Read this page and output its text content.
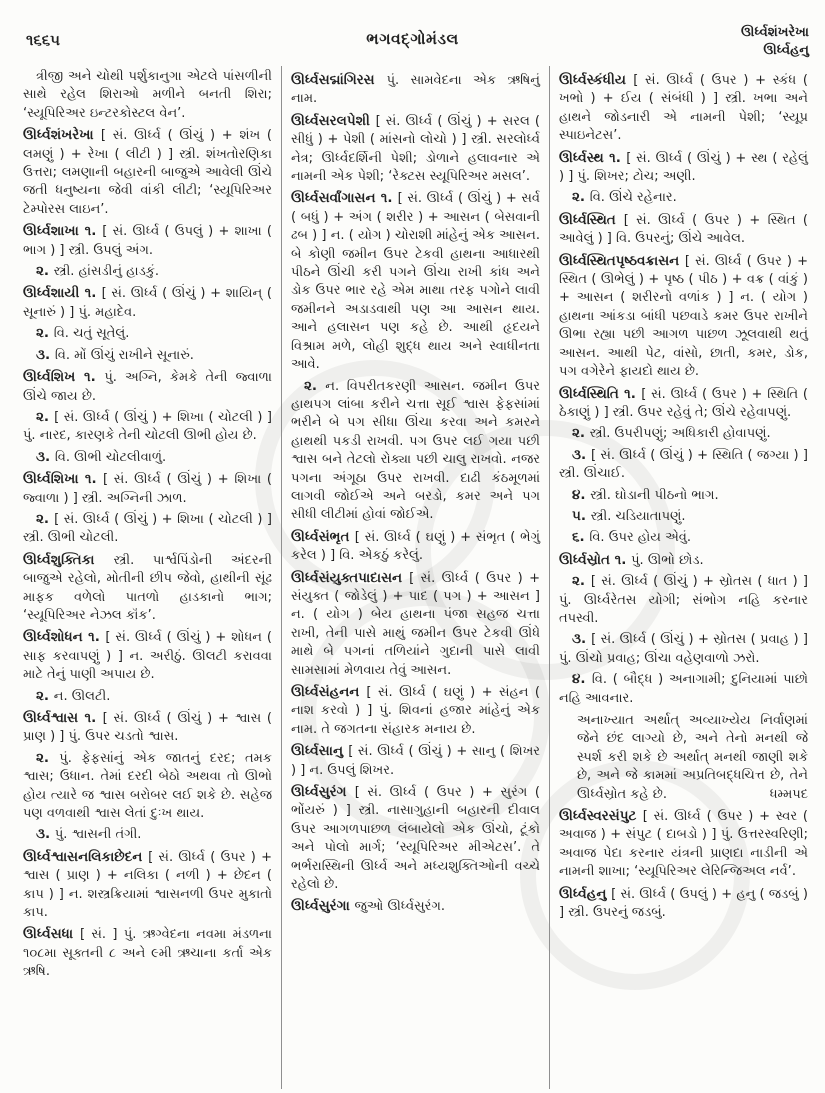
૧૬૬૫	ભગવદ્ગોમંડલ	ઊર્ધ્વશંખરેખા
ઊર્ધ્વહનુ

ત્રીજી અને ચોથી પર્શુકાનુગા એટલે પાંસળીની સાથે રહેલ શિરાઓ મળીને બનતી શિરા; ‘સ્યૂપિરિઅર ઇન્ટરકોસ્ટલ વેન’.

ઊર્ધ્વશંખરેખા [ સં. ઊર્ધ્વ ( ઊંચું ) + શંખ ( લમણું ) + રેખા ( લીટી ) ] સ્ત્રી. શંખતોરણિકા ઉત્તરા; લમણાની બહારની બાજુએ આવેલી ઊંચે જતી ધનુષ્યના જેવી વાંકી લીટી; ‘સ્યૂપિરિઅર ટેમ્પોરસ લાઇન’.

ઊર્ધ્વશાખા ૧. [ સં. ઊર્ધ્વ ( ઉપલું ) + શાખા ( ભાગ ) ] સ્ત્રી. ઉપલું અંગ.

૨. સ્ત્રી. હાંસડીનું હાડકું.

ઊર્ધ્વશાયી ૧. [ સં. ઊર્ધ્વ ( ઊંચું ) + શાયિન્ ( સૂનારું ) ] પું. મહાદેવ.

૨. વિ. ચતું સૂતેલું.

૩. વિ. મોં ઊંચું રાખીને સૂનારું.

ઊર્ધ્વશિખ ૧. પું. અગ્નિ, કેમકે તેની જ્વાળા ઊંચે જાય છે.

૨. [ સં. ઊર્ધ્વ ( ઊંચું ) + શિખા ( ચોટલી ) ] પું. નારદ, કારણકે તેની ચોટલી ઊભી હોય છે.

૩. વિ. ઊભી ચોટલીવાળું.

ઊર્ધ્વશિખા ૧. [ સં. ઊર્ધ્વ ( ઊંચું ) + શિખા ( જ્વાળા ) ] સ્ત્રી. અગ્નિની ઝાળ.

૨. [ સં. ઊર્ધ્વ ( ઊંચું ) + શિખા ( ચોટલી ) ] સ્ત્રી. ઊભી ચોટલી.

ઊર્ધ્વશુક્તિકા સ્ત્રી. પાર્શ્વપિંડોની અંદરની બાજુએ રહેલો, મોતીની છીપ જેવો, હાથીની સૂંઢ માફક વળેલો પાતળો હાડકાનો ભાગ; ‘સ્યૂપિરિઅર નેઝલ કૉંક’.

ઊર્ધ્વશોધન ૧. [ સં. ઊર્ધ્વ ( ઊંચું ) + શોધન ( સાફ કરવાપણું ) ] ન. અરીઠું. ઊલટી કરાવવા માટે તેનું પાણી અપાય છે.

૨. ન. ઊલટી.

ઊર્ધ્વશ્વાસ ૧. [ સં. ઊર્ધ્વ ( ઊંચું ) + શ્વાસ ( પ્રાણ ) ] પું. ઉપર ચડતો શ્વાસ.

૨. પું. ફેફસાંનું એક જાતનું દરદ; તમક શ્વાસ; ઉધાન. તેમાં દરદી બેઠો અથવા તો ઊભો હોય ત્યારે જ શ્વાસ બરોબર લઈ શકે છે. સહેજ પણ વળવાથી શ્વાસ લેતાં દુઃખ થાય.

૩. પું. શ્વાસની તંગી.

ઊર્ધ્વશ્વાસનલિકાછેદન [ સં. ઊર્ધ્વ ( ઉપર ) + શ્વાસ ( પ્રાણ ) + નલિકા ( નળી ) + છેદન ( કાપ ) ] ન. શસ્ત્રક્રિયામાં શ્વાસનળી ઉપર મુકાતો કાપ.

ઊર્ધ્વસધા [ સં. ] પું. ઋગ્વેદના નવમા મંડળના ૧૦૮મા સૂક્તની ૮ અને ૯મી ઋચાના કર્તા એક ઋષિ.

ઊર્ધ્વસદ્માંગિરસ પું. સામવેદના એક ઋષિનું નામ.

ઊર્ધ્વસરલપેશી [ સં. ઊર્ધ્વ ( ઊંચું ) + સરલ ( સીધું ) + પેશી ( માંસનો લોચો ) ] સ્ત્રી. સરલોર્ધ્વ નેત્ર; ઊર્ધ્વદર્શિની પેશી; ડોળાને હલાવનાર એ નામની એક પેશી; ‘રેક્ટસ સ્યૂપિરિઅર મસલ’.

ઊર્ધ્વસર્વાંગાસન ૧. [ સં. ઊર્ધ્વ ( ઊંચું ) + સર્વ ( બધું ) + અંગ ( શરીર ) + આસન ( બેસવાની ઢબ ) ] ન. ( યોગ ) ચોરાશી માંહેનું એક આસન. બે કોણી જમીન ઉપર ટેકવી હાથના આધારથી પીઠને ઊંચી કરી પગને ઊંચા રાખી કાંધ અને ડોક ઉપર ભાર રહે એમ માથા તરફ પગોને લાવી જમીનને અડાડવાથી પણ આ આસન થાય. આને હલાસન પણ કહે છે. આથી હૃદયને વિશ્રામ મળે, લોહી શુદ્ધ થાય અને સ્વાધીનતા આવે.

૨. ન. વિપરીતકરણી આસન. જમીન ઉપર હાથપગ લાંબા કરીને ચત્તા સૂઈ શ્વાસ ફેફસાંમાં ભરીને બે પગ સીધા ઊંચા કરવા અને કમરને હાથથી પકડી રાખવી. પગ ઉપર લઈ ગયા પછી શ્વાસ બને તેટલો રોક્યા પછી ચાલુ રાખવો. નજર પગના અંગૂઠા ઉપર રાખવી. દાઢી કંઠમૂળમાં લાગવી જોઈએ અને બરડો, કમર અને પગ સીધી લીટીમાં હોવાં જોઈએ.

ઊર્ધ્વસંભૃત [ સં. ઊર્ધ્વ ( ઘણું ) + સંભૃત ( ભેગું કરેલ ) ] વિ. એકઠું કરેલું.

ઊર્ધ્વસંયુક્તપાદાસન [ સં. ઊર્ધ્વ ( ઉપર ) + સંયુક્ત ( જોડેલું ) + પાદ ( પગ ) + આસન ] ન. ( યોગ ) બેય હાથના પંજા સહજ ચત્તા રાખી, તેની પાસે માથું જમીન ઉપર ટેકવી ઊંધે માથે બે પગનાં તળિયાંને ગુદાની પાસે લાવી સામસામાં મેળવાય તેવું આસન.

ઊર્ધ્વસંહનન [ સં. ઊર્ધ્વ ( ઘણું ) + સંહન ( નાશ કરવો ) ] પું. શિવનાં હજાર માંહેનું એક નામ. તે જગતના સંહારક મનાય છે.

ઊર્ધ્વસાનુ [ સં. ઊર્ધ્વ ( ઊંચું ) + સાનુ ( શિખર ) ] ન. ઉપલું શિખર.

ઊર્ધ્વસુરંગ [ સં. ઊર્ધ્વ ( ઉપર ) + સુરંગ ( ભોંયરું ) ] સ્ત્રી. નાસાગુહાની બહારની દીવાલ ઉપર આગળપાછળ લંબાયેલો એક ઊંચો, ટૂંકો અને પોલો માર્ગ; ‘સ્યૂપિરિઅર મીએટસ’. તે ભર્ભરાસ્થિની ઊર્ધ્વ અને મધ્યશુક્તિઓની વચ્ચે રહેલો છે.

ઊર્ધ્વસુરંગા જુઓ ઊર્ધ્વસુરંગ.

ઊર્ધ્વસ્કંધીય [ સં. ઊર્ધ્વ ( ઉપર ) + સ્કંધ ( ખભો ) + ઈય ( સંબંધી ) ] સ્ત્રી. ખભા અને હાથને જોડનારી એ નામની પેશી; ‘સ્યૂપ્ર સ્પાઇનેટસ’.

ઊર્ધ્વસ્થ ૧. [ સં. ઊર્ધ્વ ( ઊંચું ) + સ્થ ( રહેલું ) ] પું. શિખર; ટોચ; અણી.

૨. વિ. ઊંચે રહેનાર.

ઊર્ધ્વસ્થિત [ સં. ઊર્ધ્વ ( ઉપર ) + સ્થિત ( આવેલું ) ] વિ. ઉપરનું; ઊંચે આવેલ.

ઊર્ધ્વસ્થિતપૃષ્ઠવક્રાસન [ સં. ઊર્ધ્વ ( ઉપર ) + સ્થિત ( ઊભેલું ) + પૃષ્ઠ ( પીઠ ) + વક્ર ( વાંકું ) + આસન ( શરીરનો વળાંક ) ] ન. ( યોગ ) હાથના આંકડા બાંધી પછવાડે કમર ઉપર રાખીને ઊભા રહ્યા પછી આગળ પાછળ ઝૂલવાથી થતું આસન. આથી પેટ, વાંસો, છાતી, કમર, ડોક, પગ વગેરેને ફાયદો થાય છે.

ઊર્ધ્વસ્થિતિ ૧. [ સં. ઊર્ધ્વ ( ઉપર ) + સ્થિતિ ( ઠેકાણું ) ] સ્ત્રી. ઉપર રહેવું તે; ઊંચે રહેવાપણું.

૨. સ્ત્રી. ઉપરીપણું; અધિકારી હોવાપણું.

૩. [ સં. ઊર્ધ્વ ( ઊંચું ) + સ્થિતિ ( જગ્યા ) ] સ્ત્રી. ઊંચાઈ.

૪. સ્ત્રી. ઘોડાની પીઠનો ભાગ.

૫. સ્ત્રી. ચડિયાતાપણું.

૬. વિ. ઉપર હોય એવું.

ઊર્ધ્વસ્રોત ૧. પું. ઊભો છોડ.

૨. [ સં. ઊર્ધ્વ ( ઊંચું ) + સ્રોતસ ( ધાત ) ] પું. ઊર્ધ્વરેતસ યોગી; સંભોગ નહિ કરનાર તપસ્વી.

૩. [ સં. ઊર્ધ્વ ( ઊંચું ) + સ્રોતસ ( પ્રવાહ ) ] પું. ઊંચો પ્રવાહ; ઊંચા વહેણવાળો ઝરો.

૪. વિ. ( બૌદ્ધ ) અનાગામી; દુનિયામાં પાછો નહિ આવનાર.

અનાખ્યાત અર્થાત્ અવ્યાખ્યેય નિર્વાણમાં જેને છંદ લાગ્યો છે, અને તેનો મનથી જે સ્પર્શ કરી શકે છે અર્થાત્ મનથી જાણી શકે છે, અને જે કામમાં અપ્રતિબદ્ધચિત્ત છે, તેને ઊર્ધ્વસ્રોત કહે છે.	ધમ્મપદ

ઊર્ધ્વસ્વરસંપુટ [ સં. ઊર્ધ્વ ( ઉપર ) + સ્વર ( અવાજ ) + સંપુટ ( દાબડો ) ] પું. ઉત્તરસ્વરિણી; અવાજ પેદા કરનાર યંત્રની પ્રાણદા નાડીની એ નામની શાખા; ‘સ્યૂપિરિઅર લેરિન્જિઅલ નર્વ’.

ઊર્ધ્વહનુ [ સં. ઊર્ધ્વ ( ઉપલું ) + હનુ ( જડબું ) ] સ્ત્રી. ઉપરનું જડબું.
